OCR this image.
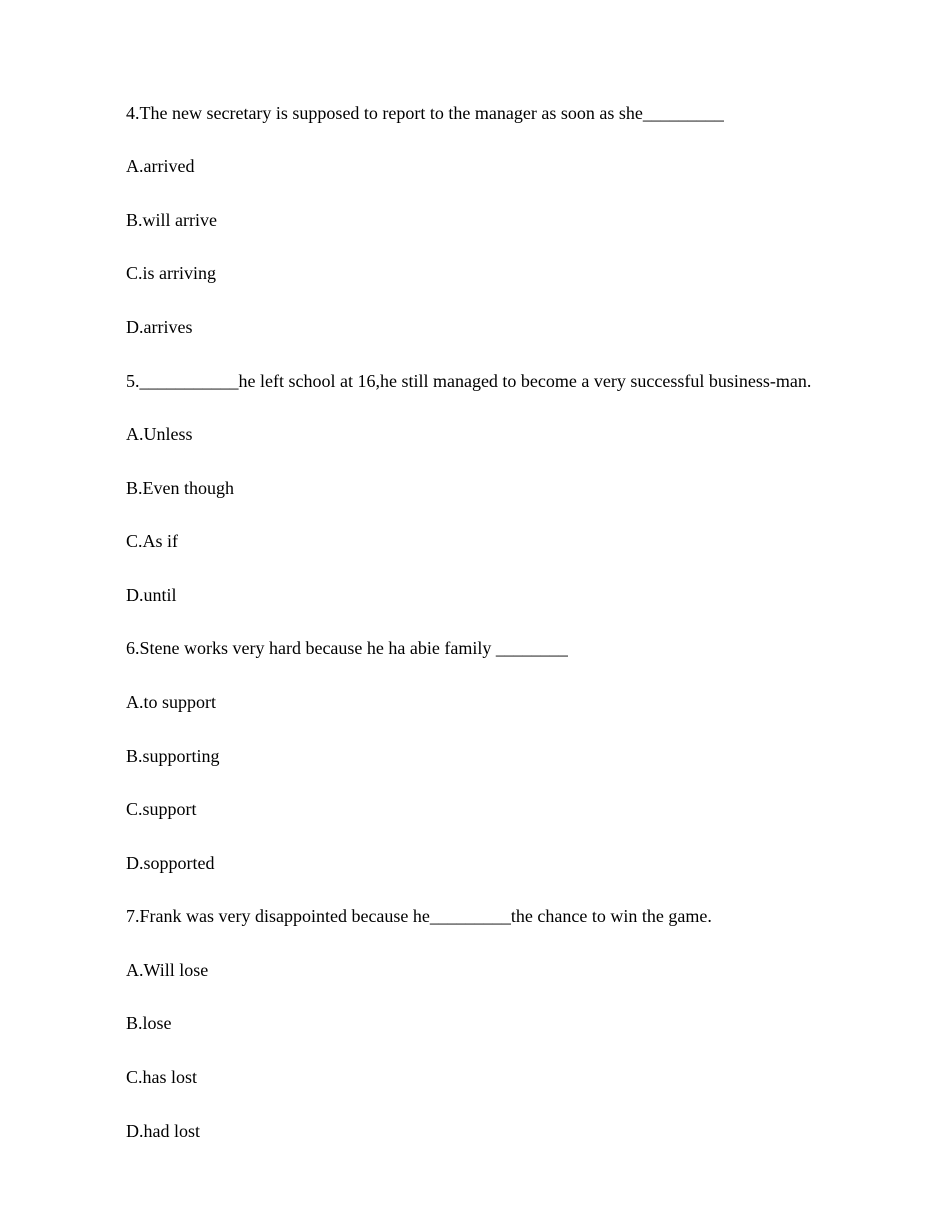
4.The new secretary is supposed to report to the manager as soon as she_________
A.arrived
B.will arrive
C.is arriving
D.arrives
5.___________he left school at 16,he still managed to become a very successful business-man.
A.Unless
B.Even though
C.As if
D.until
6.Stene works very hard because he ha abie family ________
A.to support
B.supporting
C.support
D.sopported
7.Frank was very disappointed because he_________the chance to win the game.
A.Will lose
B.lose
C.has lost
D.had lost
